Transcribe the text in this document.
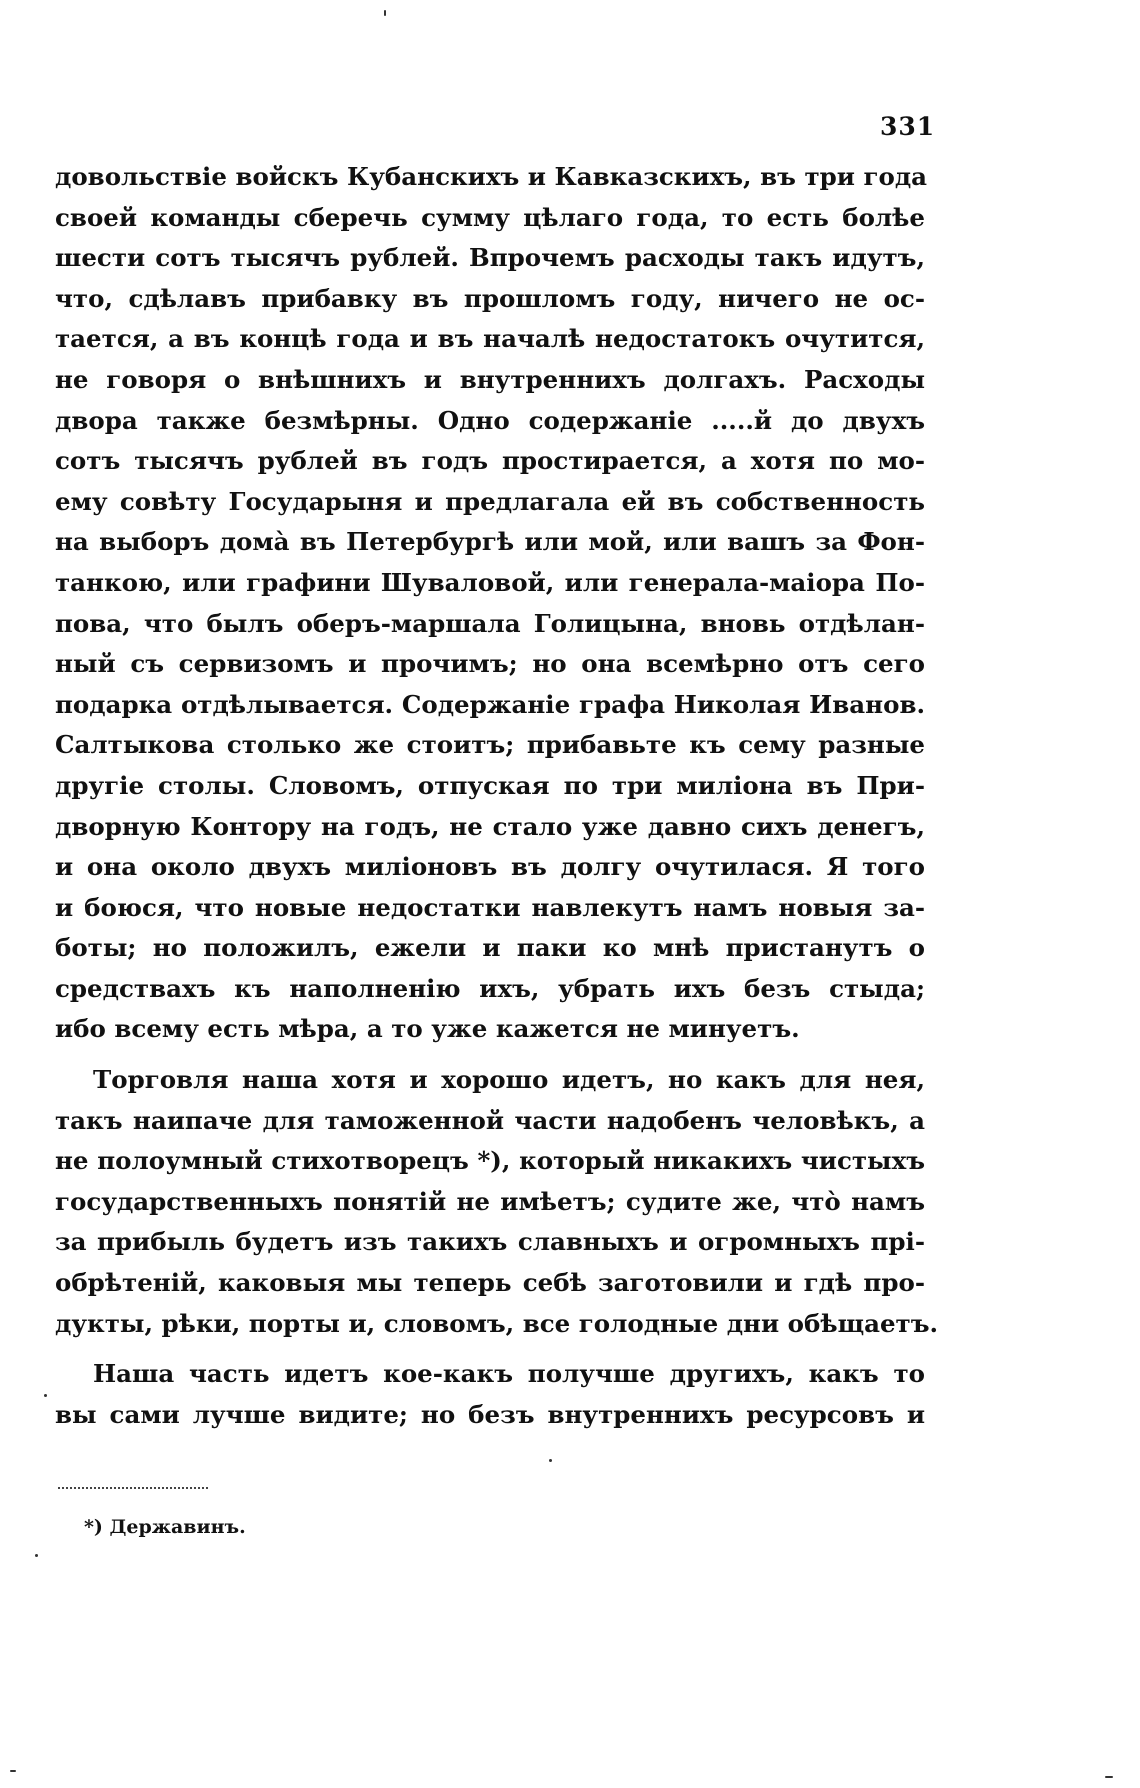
331
довольствіе войскъ Кубанскихъ и Кавказскихъ, въ три года
своей команды сберечь сумму цѣлаго года, то есть болѣе
шести сотъ тысячъ рублей. Впрочемъ расходы такъ идутъ,
что, сдѣлавъ прибавку въ прошломъ году, ничего не ос-
тается, а въ концѣ года и въ началѣ недостатокъ очутится,
не говоря о внѣшнихъ и внутреннихъ долгахъ. Расходы
двора также безмѣрны. Одно содержаніе .....й до двухъ
сотъ тысячъ рублей въ годъ простирается, а хотя по мо-
ему совѣту Государыня и предлагала ей въ собственность
на выборъ домà въ Петербургѣ или мой, или вашъ за Фон-
танкою, или графини Шуваловой, или генерала-маіора По-
пова, что былъ оберъ-маршала Голицына, вновь отдѣлан-
ный съ сервизомъ и прочимъ; но она всемѣрно отъ сего
подарка отдѣлывается. Содержаніе графа Николая Иванов.
Салтыкова столько же стоитъ; прибавьте къ сему разные
другіе столы. Словомъ, отпуская по три миліона въ При-
дворную Контору на годъ, не стало уже давно сихъ денегъ,
и она около двухъ миліоновъ въ долгу очутилася. Я того
и боюся, что новые недостатки навлекутъ намъ новыя за-
боты; но положилъ, ежели и паки ко мнѣ пристанутъ о
средствахъ къ наполненію ихъ, убрать ихъ безъ стыда;
ибо всему есть мѣра, а то уже кажется не минуетъ.
Торговля наша хотя и хорошо идетъ, но какъ для нея,
такъ наипаче для таможенной части надобенъ человѣкъ, а
не полоумный стихотворецъ *), который никакихъ чистыхъ
государственныхъ понятій не имѣетъ; судите же, чтò намъ
за прибыль будетъ изъ такихъ славныхъ и огромныхъ прі-
обрѣтеній, каковыя мы теперь себѣ заготовили и гдѣ про-
дукты, рѣки, порты и, словомъ, все голодные дни обѣщаетъ.
Наша часть идетъ кое-какъ получше другихъ, какъ то
вы сами лучше видите; но безъ внутреннихъ ресурсовъ и
*) Державинъ.
